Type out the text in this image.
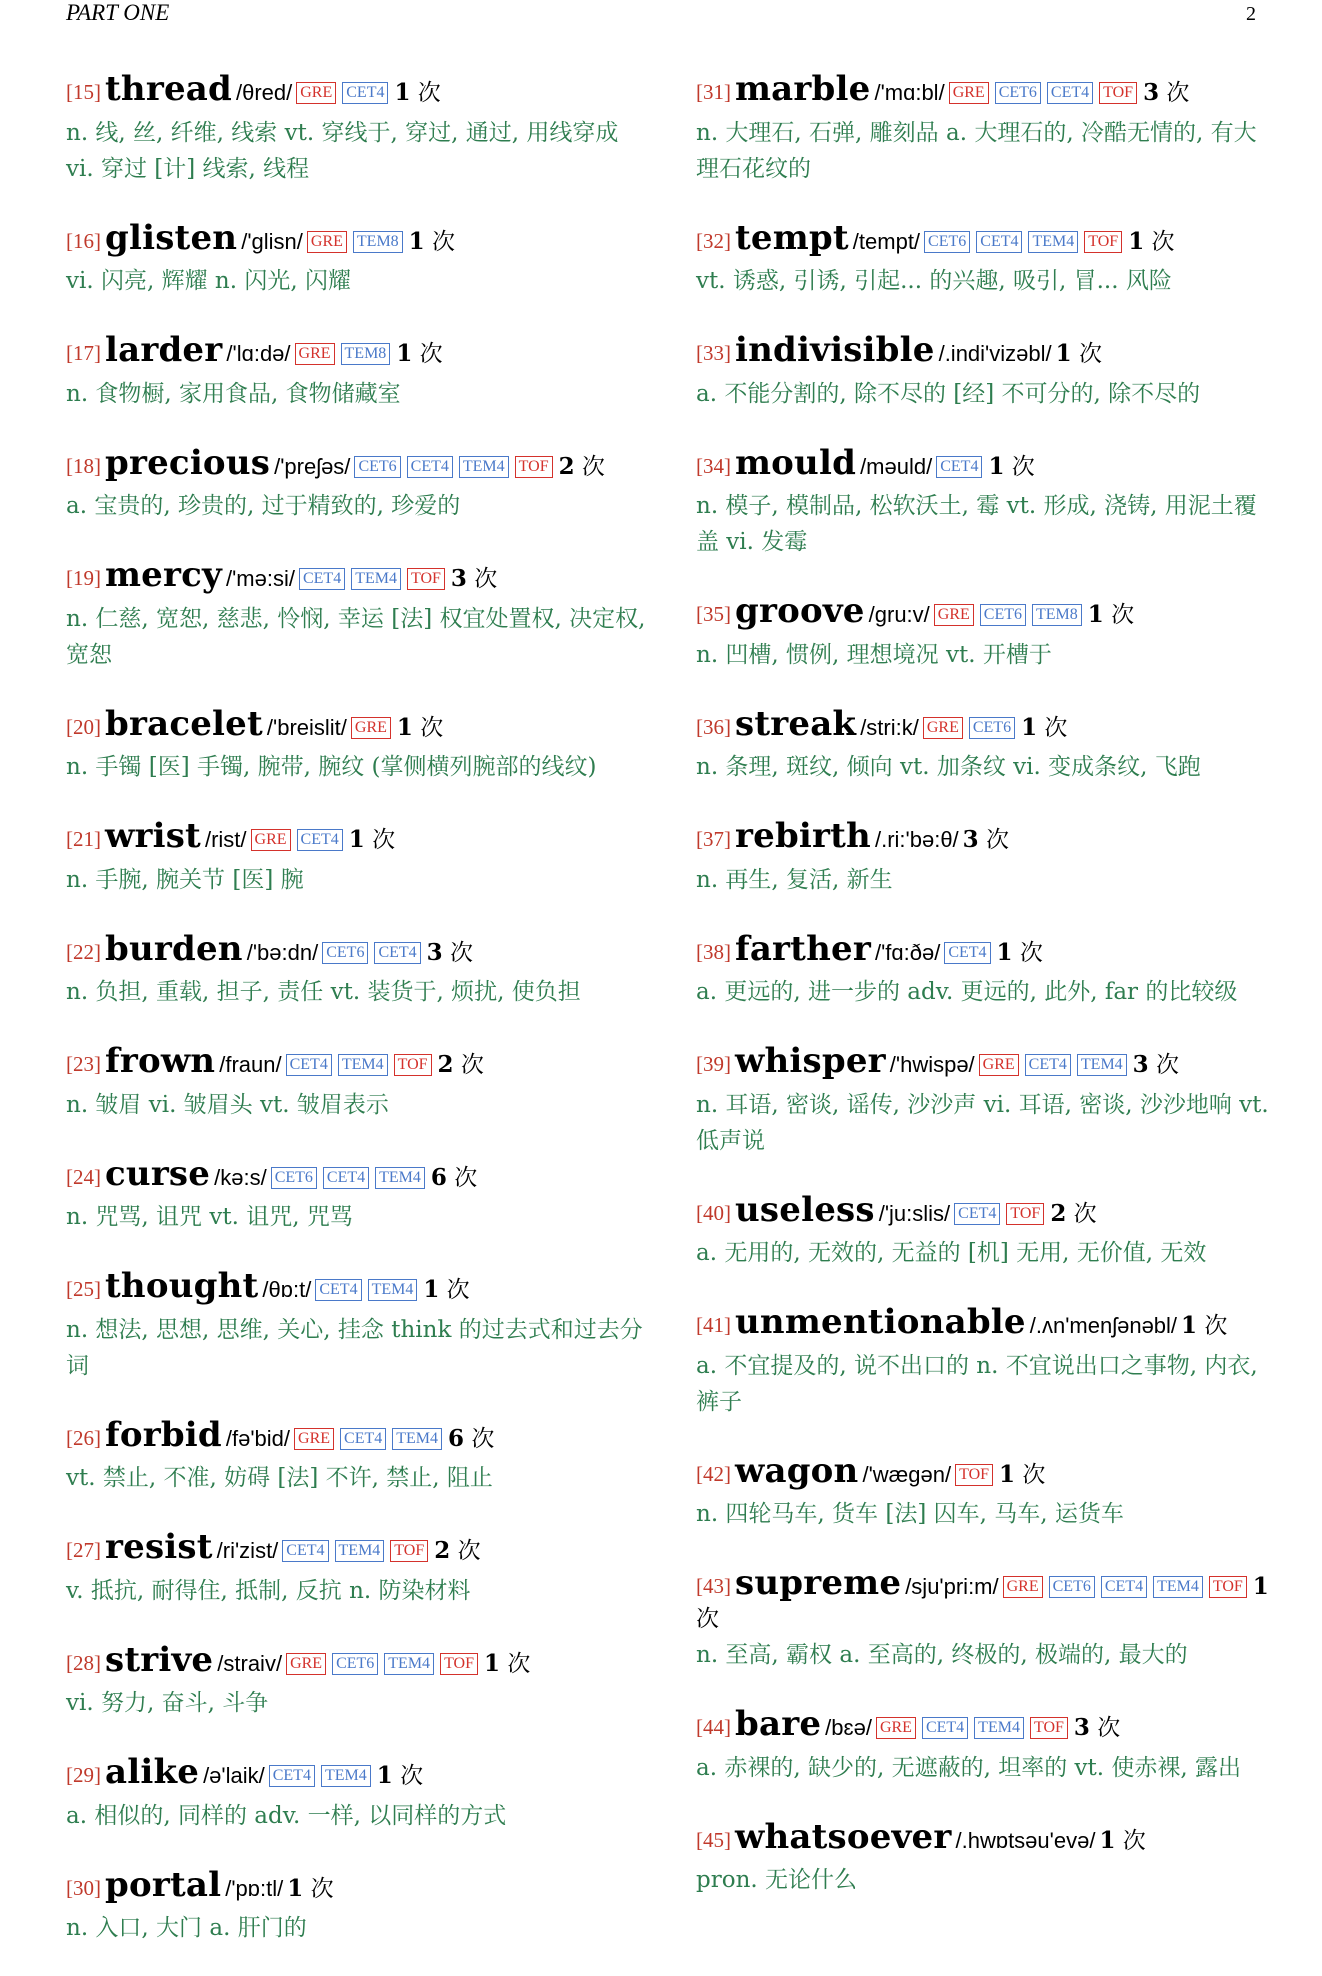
PART ONE	2
[15] thread /θred/ GRE CET4 1 次
n. 线, 丝, 纤维, 线索 vt. 穿线于, 穿过, 通过, 用线穿成 vi. 穿过 [计] 线索, 线程
[16] glisten /'glisn/ GRE TEM8 1 次
vi. 闪亮, 辉耀 n. 闪光, 闪耀
[17] larder /'lɑ:də/ GRE TEM8 1 次
n. 食物橱, 家用食品, 食物储藏室
[18] precious /'preʃəs/ CET6 CET4 TEM4 TOF 2 次
a. 宝贵的, 珍贵的, 过于精致的, 珍爱的
[19] mercy /'mə:si/ CET4 TEM4 TOF 3 次
n. 仁慈, 宽恕, 慈悲, 怜悯, 幸运 [法] 权宜处置权, 决定权, 宽恕
[20] bracelet /'breislit/ GRE 1 次
n. 手镯 [医] 手镯, 腕带, 腕纹 (掌侧横列腕部的线纹)
[21] wrist /rist/ GRE CET4 1 次
n. 手腕, 腕关节 [医] 腕
[22] burden /'bə:dn/ CET6 CET4 3 次
n. 负担, 重载, 担子, 责任 vt. 装货于, 烦扰, 使负担
[23] frown /fraun/ CET4 TEM4 TOF 2 次
n. 皱眉 vi. 皱眉头 vt. 皱眉表示
[24] curse /kə:s/ CET6 CET4 TEM4 6 次
n. 咒骂, 诅咒 vt. 诅咒, 咒骂
[25] thought /θɒ:t/ CET4 TEM4 1 次
n. 想法, 思想, 思维, 关心, 挂念 think 的过去式和过去分词
[26] forbid /fə'bid/ GRE CET4 TEM4 6 次
vt. 禁止, 不准, 妨碍 [法] 不许, 禁止, 阻止
[27] resist /ri'zist/ CET4 TEM4 TOF 2 次
v. 抵抗, 耐得住, 抵制, 反抗 n. 防染材料
[28] strive /straiv/ GRE CET6 TEM4 TOF 1 次
vi. 努力, 奋斗, 斗争
[29] alike /ə'laik/ CET4 TEM4 1 次
a. 相似的, 同样的 adv. 一样, 以同样的方式
[30] portal /'pɒ:tl/ 1 次
n. 入口, 大门 a. 肝门的
[31] marble /'mɑ:bl/ GRE CET6 CET4 TOF 3 次
n. 大理石, 石弹, 雕刻品 a. 大理石的, 冷酷无情的, 有大理石花纹的
[32] tempt /tempt/ CET6 CET4 TEM4 TOF 1 次
vt. 诱惑, 引诱, 引起... 的兴趣, 吸引, 冒... 风险
[33] indivisible /.indi'vizəbl/ 1 次
a. 不能分割的, 除不尽的 [经] 不可分的, 除不尽的
[34] mould /məuld/ CET4 1 次
n. 模子, 模制品, 松软沃土, 霉 vt. 形成, 浇铸, 用泥土覆盖 vi. 发霉
[35] groove /gru:v/ GRE CET6 TEM8 1 次
n. 凹槽, 惯例, 理想境况 vt. 开槽于
[36] streak /stri:k/ GRE CET6 1 次
n. 条理, 斑纹, 倾向 vt. 加条纹 vi. 变成条纹, 飞跑
[37] rebirth /.ri:'bə:θ/ 3 次
n. 再生, 复活, 新生
[38] farther /'fɑ:ðə/ CET4 1 次
a. 更远的, 进一步的 adv. 更远的, 此外, far 的比较级
[39] whisper /'hwispə/ GRE CET4 TEM4 3 次
n. 耳语, 密谈, 谣传, 沙沙声 vi. 耳语, 密谈, 沙沙地响 vt. 低声说
[40] useless /'ju:slis/ CET4 TOF 2 次
a. 无用的, 无效的, 无益的 [机] 无用, 无价值, 无效
[41] unmentionable /.ʌn'menʃənəbl/ 1 次
a. 不宜提及的, 说不出口的 n. 不宜说出口之事物, 内衣, 裤子
[42] wagon /'wægən/ TOF 1 次
n. 四轮马车, 货车 [法] 囚车, 马车, 运货车
[43] supreme /sju'pri:m/ GRE CET6 CET4 TEM4 TOF 1 次
n. 至高, 霸权 a. 至高的, 终极的, 极端的, 最大的
[44] bare /bɛə/ GRE CET4 TEM4 TOF 3 次
a. 赤裸的, 缺少的, 无遮蔽的, 坦率的 vt. 使赤裸, 露出
[45] whatsoever /.hwɒtsəu'evə/ 1 次
pron. 无论什么
